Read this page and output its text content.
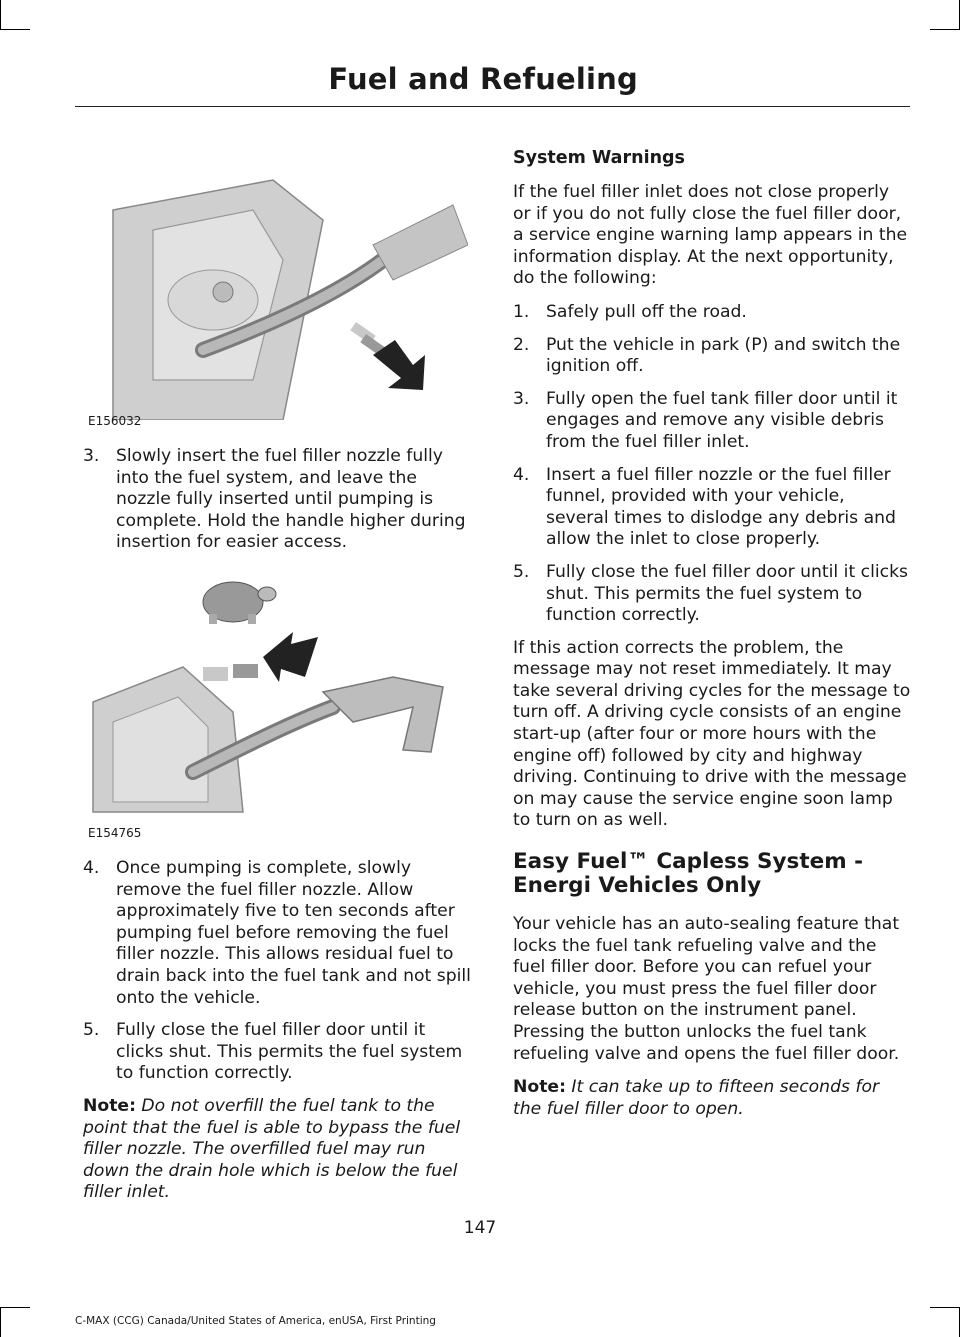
Fuel and Refueling
E156032
3. Slowly insert the fuel filler nozzle fully into the fuel system, and leave the nozzle fully inserted until pumping is complete. Hold the handle higher during insertion for easier access.
E154765
4. Once pumping is complete, slowly remove the fuel filler nozzle. Allow approximately five to ten seconds after pumping fuel before removing the fuel filler nozzle. This allows residual fuel to drain back into the fuel tank and not spill onto the vehicle.
5. Fully close the fuel filler door until it clicks shut. This permits the fuel system to function correctly.

Note: Do not overfill the fuel tank to the point that the fuel is able to bypass the fuel filler nozzle. The overfilled fuel may run down the drain hole which is below the fuel filler inlet.

System Warnings

If the fuel filler inlet does not close properly or if you do not fully close the fuel filler door, a service engine warning lamp appears in the information display. At the next opportunity, do the following:

1. Safely pull off the road.
2. Put the vehicle in park (P) and switch the ignition off.
3. Fully open the fuel tank filler door until it engages and remove any visible debris from the fuel filler inlet.
4. Insert a fuel filler nozzle or the fuel filler funnel, provided with your vehicle, several times to dislodge any debris and allow the inlet to close properly.
5. Fully close the fuel filler door until it clicks shut. This permits the fuel system to function correctly.

If this action corrects the problem, the message may not reset immediately. It may take several driving cycles for the message to turn off. A driving cycle consists of an engine start-up (after four or more hours with the engine off) followed by city and highway driving. Continuing to drive with the message on may cause the service engine soon lamp to turn on as well.

Easy Fuel™ Capless System - Energi Vehicles Only

Your vehicle has an auto-sealing feature that locks the fuel tank refueling valve and the fuel filler door. Before you can refuel your vehicle, you must press the fuel filler door release button on the instrument panel. Pressing the button unlocks the fuel tank refueling valve and opens the fuel filler door.

Note: It can take up to fifteen seconds for the fuel filler door to open.

147
C-MAX (CCG) Canada/United States of America, enUSA, First Printing
